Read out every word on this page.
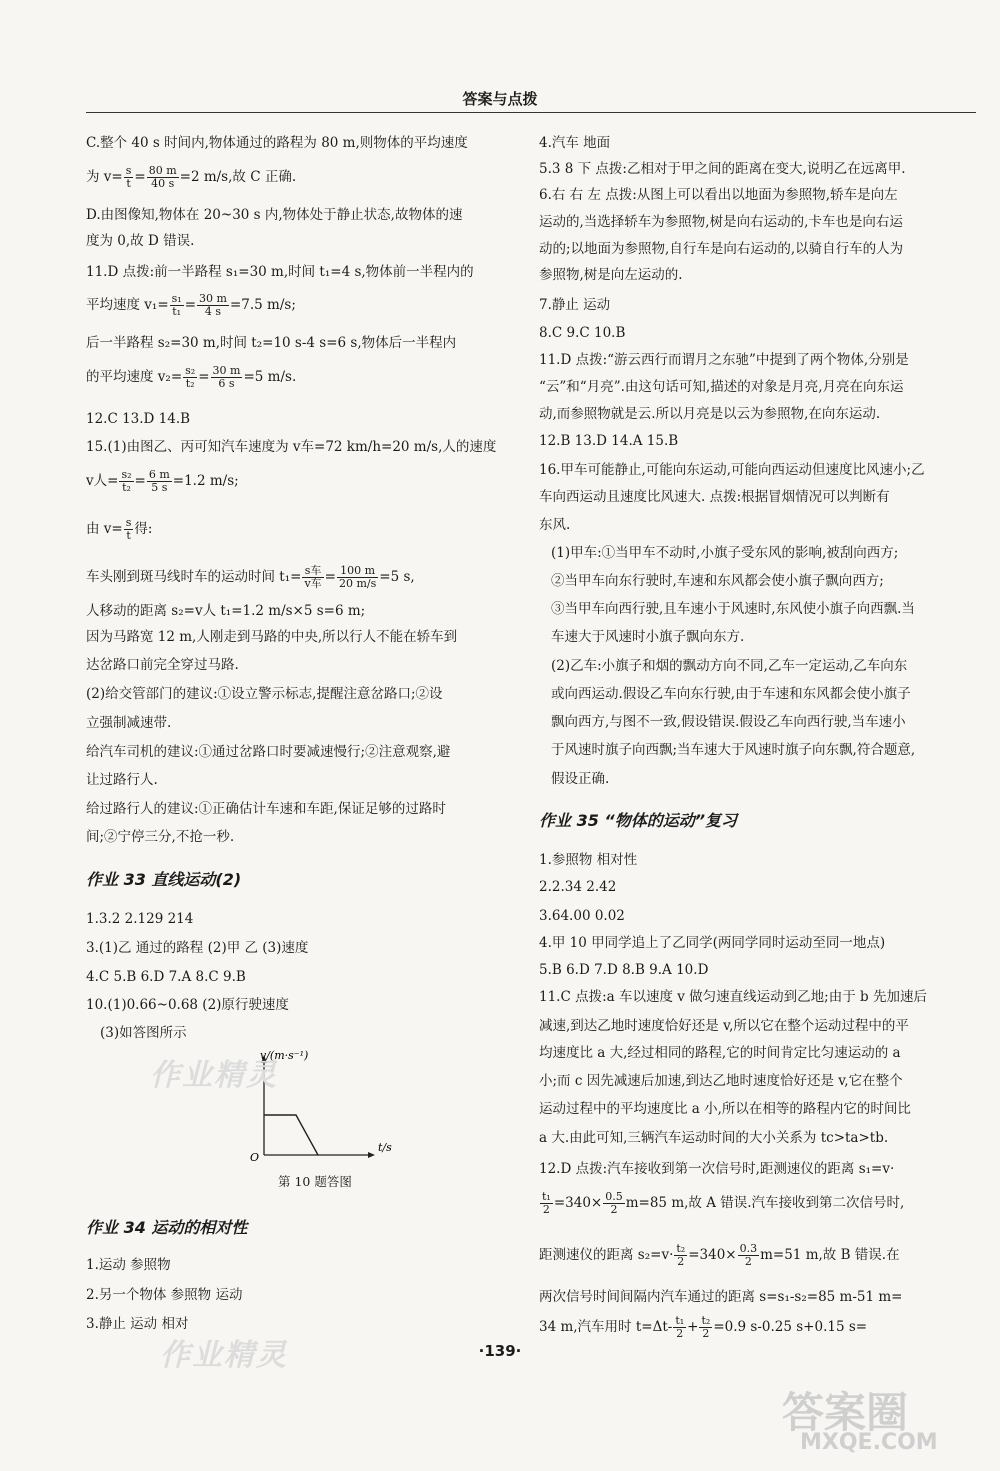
答案与点拨
C.整个 40 s 时间内,物体通过的路程为 80 m,则物体的平均速度
为 $v= \frac{s}{t} = \frac{80 m}{40 s} =2$ m/s,故 C 正确.
D.由图像知,物体在 20~30 s 内,物体处于静止状态,故物体的速
度为 0,故 D 错误.
11.D 点拨:前一半路程 s₁=30 m,时间 t₁=4 s,物体前一半程内的
平均速度 $v_1= \frac{\text{s₁}}{\text{t₁}} = \frac{30 m}{4 s} =7.5$ m/s;
后一半路程 s₂=30 m,时间 t₂=10 s-4 s=6 s,物体后一半程内
的平均速度 $v_2= \frac{\text{s₂}}{\text{t₂}} = \frac{30 m}{6 s} =5$ m/s.
12.C 13.D 14.B
15.(1)由图乙、丙可知汽车速度为 v车=72 km/h=20 m/s,人的速度
v人= $\frac{\text{s₂}}{\text{t₂}} = \frac{6 m}{5 s} =1.2$ m/s;
由 $v= \frac{s}{t}$ 得:
车头刚到斑马线时车的运动时间 $t_1= \frac{\text{s车}}{\text{v车}} = \frac{100 m}{20 m/s} =5$ s,
人移动的距离 s₂=v人 t₁=1.2 m/s×5 s=6 m;
因为马路宽 12 m,人刚走到马路的中央,所以行人不能在轿车到
达岔路口前完全穿过马路.
(2)给交管部门的建议:①设立警示标志,提醒注意岔路口;②设
立强制减速带.
给汽车司机的建议:①通过岔路口时要减速慢行;②注意观察,避
让过路行人.
给过路行人的建议:①正确估计车速和车距,保证足够的过路时
间;②宁停三分,不抢一秒.
作业 33 直线运动(2)
1.3.2 2.129 214
3.(1)乙 通过的路程 (2)甲 乙 (3)速度
4.C 5.B 6.D 7.A 8.C 9.B
10.(1)0.66~0.68 (2)原行驶速度
(3)如答图所示
v/(m·s⁻¹)
t/s
O
第 10 题答图
作业 34 运动的相对性
1.运动 参照物
2.另一个物体 参照物 运动
3.静止 运动 相对
4.汽车 地面
5.3 8 下 点拨:乙相对于甲之间的距离在变大,说明乙在远离甲.
6.右 右 左 点拨:从图上可以看出以地面为参照物,轿车是向左
运动的,当选择轿车为参照物,树是向右运动的,卡车也是向右运
动的;以地面为参照物,自行车是向右运动的,以骑自行车的人为
参照物,树是向左运动的.
7.静止 运动
8.C 9.C 10.B
11.D 点拨:“游云西行而谓月之东驰”中提到了两个物体,分别是
“云”和“月亮”.由这句话可知,描述的对象是月亮,月亮在向东运
动,而参照物就是云.所以月亮是以云为参照物,在向东运动.
12.B 13.D 14.A 15.B
16.甲车可能静止,可能向东运动,可能向西运动但速度比风速小;乙
车向西运动且速度比风速大. 点拨:根据冒烟情况可以判断有
东风.
(1)甲车:①当甲车不动时,小旗子受东风的影响,被刮向西方;
②当甲车向东行驶时,车速和东风都会使小旗子飘向西方;
③当甲车向西行驶,且车速小于风速时,东风使小旗子向西飘.当
车速大于风速时小旗子飘向东方.
(2)乙车:小旗子和烟的飘动方向不同,乙车一定运动,乙车向东
或向西运动.假设乙车向东行驶,由于车速和东风都会使小旗子
飘向西方,与图不一致,假设错误.假设乙车向西行驶,当车速小
于风速时旗子向西飘;当车速大于风速时旗子向东飘,符合题意,
假设正确.
作业 35 “物体的运动”复习
1.参照物 相对性
2.2.34 2.42
3.64.00 0.02
4.甲 10 甲同学追上了乙同学(两同学同时运动至同一地点)
5.B 6.D 7.D 8.B 9.A 10.D
11.C 点拨:a 车以速度 v 做匀速直线运动到乙地;由于 b 先加速后
减速,到达乙地时速度恰好还是 v,所以它在整个运动过程中的平
均速度比 a 大,经过相同的路程,它的时间肯定比匀速运动的 a
小;而 c 因先减速后加速,到达乙地时速度恰好还是 v,它在整个
运动过程中的平均速度比 a 小,所以在相等的路程内它的时间比
a 大.由此可知,三辆汽车运动时间的大小关系为 tc>ta>tb.
12.D 点拨:汽车接收到第一次信号时,距测速仪的距离 s₁=v·
$\frac{\text{t₁}}{2} =340\times \frac{0.5}{2} m=85$ m,故 A 错误.汽车接收到第二次信号时,
距测速仪的距离 $s_2=v\cdot \frac{\text{t₂}}{2} =340\times \frac{0.3}{2} m=51$ m,故 B 错误.在
两次信号时间间隔内汽车通过的距离 s=s₁-s₂=85 m-51 m=
34 m,汽车用时 $t=\Delta t- \frac{\text{t₁}}{2} + \frac{\text{t₂}}{2} =0.9$ s-0.25 s+0.15 s=
·139·
作业精灵
作业精灵
答案圈
MXQE.COM
